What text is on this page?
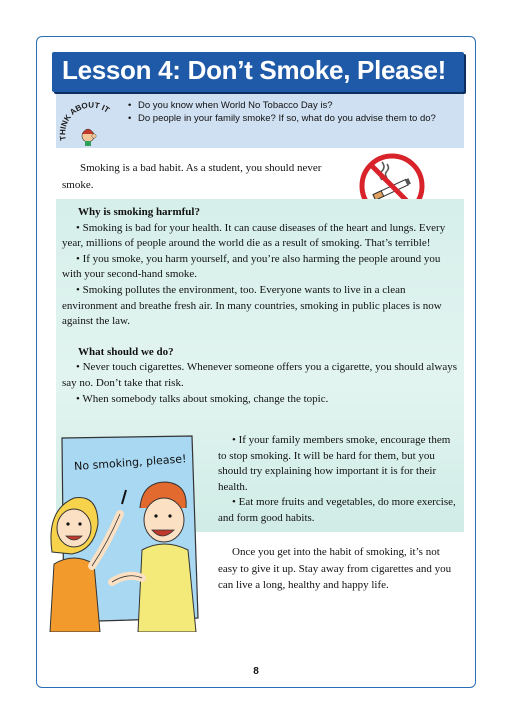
Lesson 4: Don’t Smoke, Please!
THINK ABOUT IT
•	Do you know when World No Tobacco Day is?
• Do people in your family smoke? If so, what do you advise them to do?

Smoking is a bad habit. As a student, you should never smoke.

Why is smoking harmful?

• Smoking is bad for your health. It can cause diseases of the heart and lungs. Every year, millions of people around the world die as a result of smoking. That’s terrible!

• If you smoke, you harm yourself, and you’re also harming the people around you with your second-hand smoke.

• Smoking pollutes the environment, too. Everyone wants to live in a clean environment and breathe fresh air. In many countries, smoking in public places is now against the law.

What should we do?

• Never touch cigarettes. Whenever someone offers you a cigarette, you should always say no. Don’t take that risk.

• When somebody talks about smoking, change the topic.

• If your family members smoke, encourage them to stop smoking. It will be hard for them, but you should try explaining how important it is for their health.

• Eat more fruits and vegetables, do more exercise, and form good habits.

Once you get into the habit of smoking, it’s not easy to give it up. Stay away from cigarettes and you can live a long, healthy and happy life.

No smoking, please!
8
